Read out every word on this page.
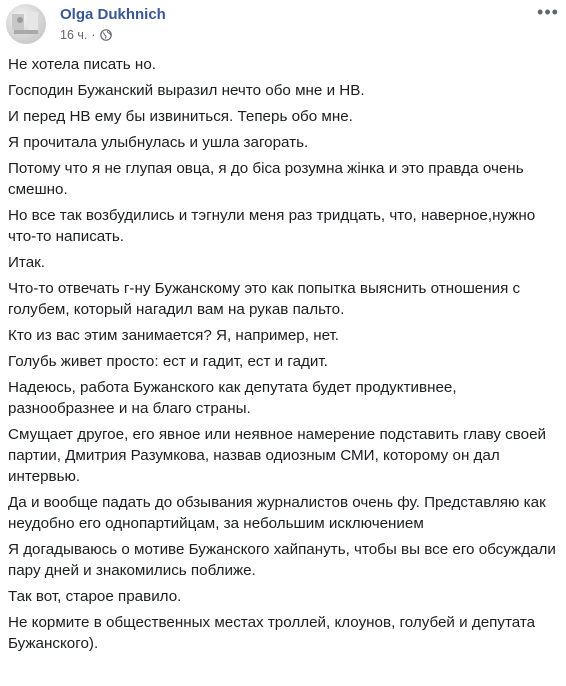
Olga Dukhnich
16 ч. ·
•••

Не хотела писать но.

Господин Бужанский выразил нечто обо мне и НВ.

И перед НВ ему бы извиниться. Теперь обо мне.

Я прочитала улыбнулась и ушла загорать.

Потому что я не глупая овца, я до біса розумна жінка и это правда очень смешно.

Но все так возбудились и тэгнули меня раз тридцать, что, наверное,нужно что-то написать.

Итак.

Что-то отвечать г-ну Бужанскому это как попытка выяснить отношения с голубем, который нагадил вам на рукав пальто.

Кто из вас этим занимается? Я, например, нет.

Голубь живет просто: ест и гадит, ест и гадит.

Надеюсь, работа Бужанского как депутата будет продуктивнее, разнообразнее и на благо страны.

Смущает другое, его явное или неявное намерение подставить главу своей партии, Дмитрия Разумкова, назвав одиозным СМИ, которому он дал интервью.

Да и вообще падать до обзывания журналистов очень фу. Представляю как неудобно его однопартийцам, за небольшим исключением

Я догадываюсь о мотиве Бужанского хайпануть, чтобы вы все его обсуждали пару дней и знакомились поближе.

Так вот, старое правило.

Не кормите в общественных местах троллей, клоунов, голубей и депутата Бужанского).
